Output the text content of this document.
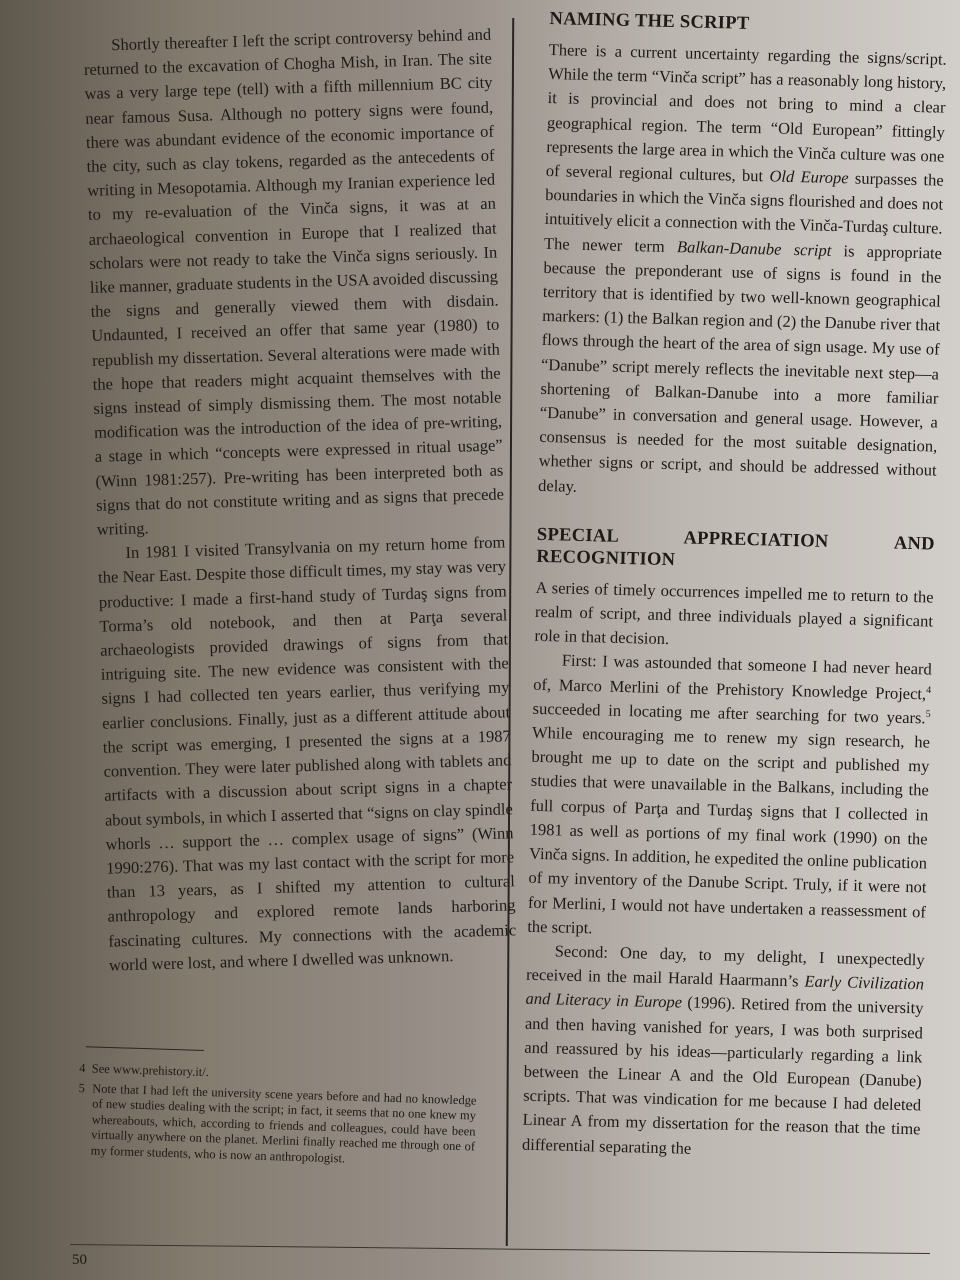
Shortly thereafter I left the script controversy behind and returned to the excavation of Chogha Mish, in Iran. The site was a very large tepe (tell) with a fifth millennium BC city near famous Susa. Although no pottery signs were found, there was abundant evidence of the economic importance of the city, such as clay tokens, regarded as the antecedents of writing in Mesopotamia. Although my Iranian experience led to my re-evaluation of the Vinča signs, it was at an archaeological convention in Europe that I realized that scholars were not ready to take the Vinča signs seriously. In like manner, graduate students in the USA avoided discussing the signs and generally viewed them with disdain. Undaunted, I received an offer that same year (1980) to republish my dissertation. Several alterations were made with the hope that readers might acquaint themselves with the signs instead of simply dismissing them. The most notable modification was the introduction of the idea of pre-writing, a stage in which “concepts were expressed in ritual usage” (Winn 1981:257). Pre-writing has been interpreted both as signs that do not constitute writing and as signs that precede writing.

In 1981 I visited Transylvania on my return home from the Near East. Despite those difficult times, my stay was very productive: I made a first-hand study of Turdaş signs from Torma’s old notebook, and then at Parţa several archaeologists provided drawings of signs from that intriguing site. The new evidence was consistent with the signs I had collected ten years earlier, thus verifying my earlier conclusions. Finally, just as a different attitude about the script was emerging, I presented the signs at a 1987 convention. They were later published along with tablets and artifacts with a discussion about script signs in a chapter about symbols, in which I asserted that “signs on clay spindle whorls … support the … complex usage of signs” (Winn 1990:276). That was my last contact with the script for more than 13 years, as I shifted my attention to cultural anthropology and explored remote lands harboring fascinating cultures. My connections with the academic world were lost, and where I dwelled was unknown.

4 See www.prehistory.it/.

5 Note that I had left the university scene years before and had no knowledge of new studies dealing with the script; in fact, it seems that no one knew my whereabouts, which, according to friends and colleagues, could have been virtually anywhere on the planet. Merlini finally reached me through one of my former students, who is now an anthropologist.

NAMING THE SCRIPT

There is a current uncertainty regarding the signs/script. While the term “Vinča script” has a reasonably long history, it is provincial and does not bring to mind a clear geographical region. The term “Old European” fittingly represents the large area in which the Vinča culture was one of several regional cultures, but Old Europe surpasses the boundaries in which the Vinča signs flourished and does not intuitively elicit a connection with the Vinča-Turdaş culture. The newer term Balkan-Danube script is appropriate because the preponderant use of signs is found in the territory that is identified by two well-known geographical markers: (1) the Balkan region and (2) the Danube river that flows through the heart of the area of sign usage. My use of “Danube” script merely reflects the inevitable next step—a shortening of Balkan-Danube into a more familiar “Danube” in conversation and general usage. However, a consensus is needed for the most suitable designation, whether signs or script, and should be addressed without delay.

SPECIAL APPRECIATION AND RECOGNITION

A series of timely occurrences impelled me to return to the realm of script, and three individuals played a significant role in that decision.

First: I was astounded that someone I had never heard of, Marco Merlini of the Prehistory Knowledge Project,$^4$ succeeded in locating me after searching for two years.$^5$ While encouraging me to renew my sign research, he brought me up to date on the script and published my studies that were unavailable in the Balkans, including the full corpus of Parţa and Turdaş signs that I collected in 1981 as well as portions of my final work (1990) on the Vinča signs. In addition, he expedited the online publication of my inventory of the Danube Script. Truly, if it were not for Merlini, I would not have undertaken a reassessment of the script.

Second: One day, to my delight, I unexpectedly received in the mail Harald Haarmann’s Early Civilization and Literacy in Europe (1996). Retired from the university and then having vanished for years, I was both surprised and reassured by his ideas—particularly regarding a link between the Linear A and the Old European (Danube) scripts. That was vindication for me because I had deleted Linear A from my dissertation for the reason that the time differential separating the

50
